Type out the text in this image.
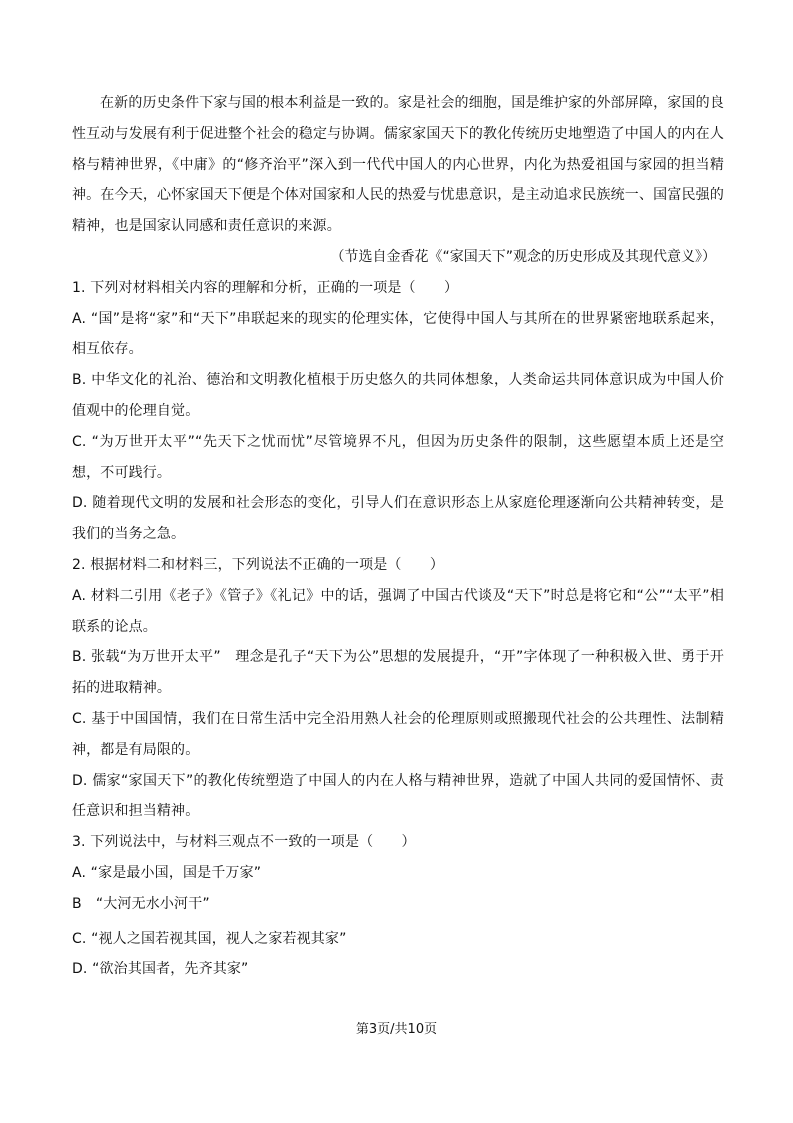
在新的历史条件下家与国的根本利益是一致的。家是社会的细胞，国是维护家的外部屏障，家国的良性互动与发展有利于促进整个社会的稳定与协调。儒家家国天下的教化传统历史地塑造了中国人的内在人格与精神世界，《中庸》的“修齐治平”深入到一代代中国人的内心世界，内化为热爱祖国与家园的担当精神。在今天，心怀家国天下便是个体对国家和人民的热爱与忧患意识，是主动追求民族统一、国富民强的精神，也是国家认同感和责任意识的来源。

（节选自金香花《“家国天下”观念的历史形成及其现代意义》）

1. 下列对材料相关内容的理解和分析，正确的一项是（　　）

A. “国”是将“家”和“天下”串联起来的现实的伦理实体，它使得中国人与其所在的世界紧密地联系起来，相互依存。

B. 中华文化的礼治、德治和文明教化植根于历史悠久的共同体想象，人类命运共同体意识成为中国人价值观中的伦理自觉。

C. “为万世开太平”“先天下之忧而忧”尽管境界不凡，但因为历史条件的限制，这些愿望本质上还是空想，不可践行。

D. 随着现代文明的发展和社会形态的变化，引导人们在意识形态上从家庭伦理逐渐向公共精神转变，是我们的当务之急。

2. 根据材料二和材料三，下列说法不正确的一项是（　　）

A. 材料二引用《老子》《管子》《礼记》中的话，强调了中国古代谈及“天下”时总是将它和“公”“太平”相联系的论点。

B. 张载“为万世开太平”　理念是孔子“天下为公”思想的发展提升，“开”字体现了一种积极入世、勇于开拓的进取精神。

C. 基于中国国情，我们在日常生活中完全沿用熟人社会的伦理原则或照搬现代社会的公共理性、法制精神，都是有局限的。

D. 儒家“家国天下”的教化传统塑造了中国人的内在人格与精神世界，造就了中国人共同的爱国情怀、责任意识和担当精神。

3. 下列说法中，与材料三观点不一致的一项是（　　）

A. “家是最小国，国是千万家”

B　“大河无水小河干”

C. “视人之国若视其国，视人之家若视其家”

D. “欲治其国者，先齐其家”

第3页/共10页
